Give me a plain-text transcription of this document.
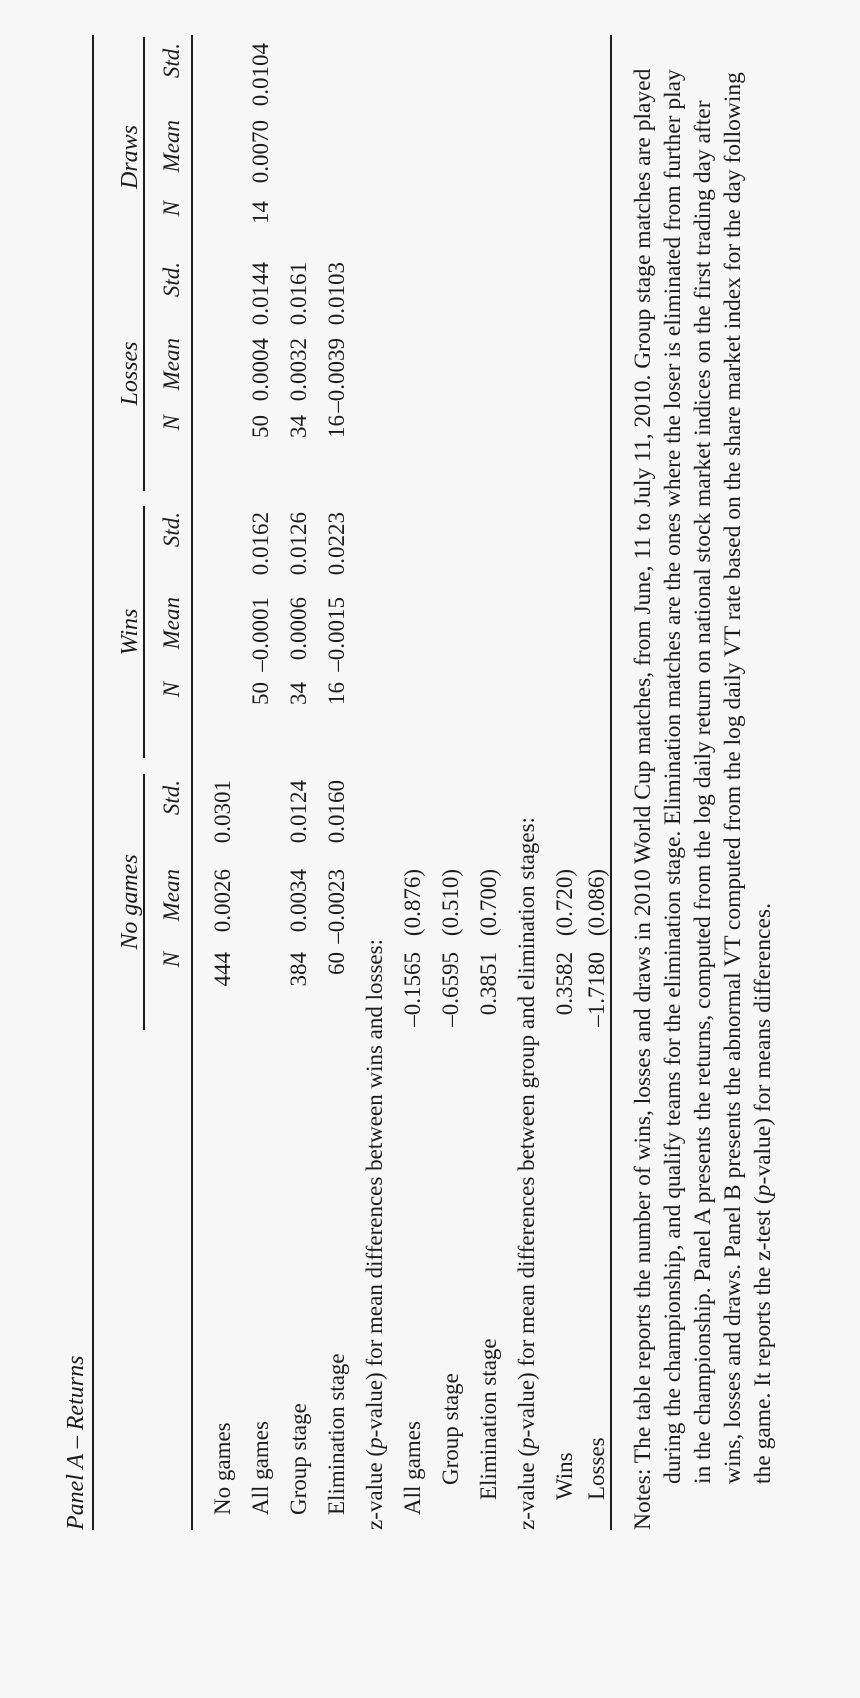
Panel A – Returns
No games
Wins
Losses
N
Mean
Std.
N
Mean
Std.
N
Mean
Std.
N
Mean
Std.
No games
444
0.0026
0.0301
All games
50
–0.0001
0.0162
50
0.0004
0.0144
14
0.0070
0.0104
Group stage
384
0.0034
0.0124
34
0.0006
0.0126
34
0.0032
0.0161
Elimination stage
60
–0.0023
0.0160
16
–0.0015
0.0223
16
–0.0039
0.0103
z-value (p-value) for mean differences between wins and losses:
All games
–0.1565
(0.876)
Group stage
–0.6595
(0.510)
Elimination stage
0.3851
(0.700)
z-value (p-value) for mean differences between group and elimination stages:
Wins
0.3582
(0.720)
Losses
–1.7180
(0.086)

Notes: The table reports the number of wins, losses and draws in 2010 World Cup matches, from June, 11 to July 11, 2010. Group stage matches are played during the championship, and qualify teams for the elimination stage. Elimination matches are the ones where the loser is eliminated from further play in the championship. Panel A presents the returns, computed from the log daily return on national stock market indices on the first trading day after wins, losses and draws. Panel B presents the abnormal VT computed from the log daily VT rate based on the share market index for the day following the game. It reports the z-test (p-value) for means differences.

Draws
